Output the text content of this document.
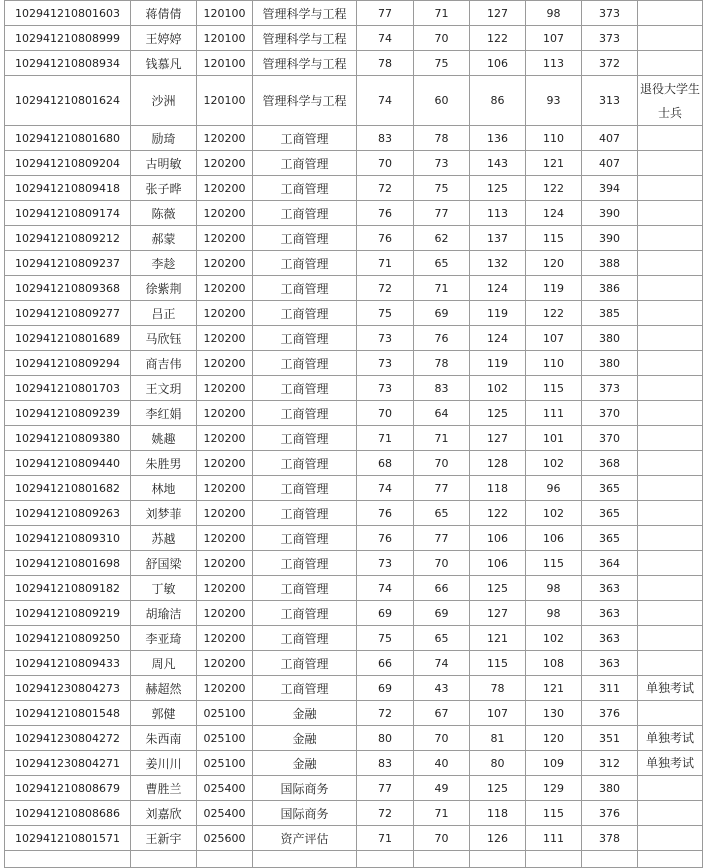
102941210801603	蒋倩倩	120100	管理科学与工程	77	71	127	98	373	
102941210808999	王婷婷	120100	管理科学与工程	74	70	122	107	373	
102941210808934	钱慕凡	120100	管理科学与工程	78	75	106	113	372	
102941210801624	沙洲	120100	管理科学与工程	74	60	86	93	313	退役大学生士兵
102941210801680	励琦	120200	工商管理	83	78	136	110	407	
102941210809204	古明敏	120200	工商管理	70	73	143	121	407	
102941210809418	张子晔	120200	工商管理	72	75	125	122	394	
102941210809174	陈薇	120200	工商管理	76	77	113	124	390	
102941210809212	郝蒙	120200	工商管理	76	62	137	115	390	
102941210809237	李趁	120200	工商管理	71	65	132	120	388	
102941210809368	徐紫荆	120200	工商管理	72	71	124	119	386	
102941210809277	吕正	120200	工商管理	75	69	119	122	385	
102941210801689	马欣钰	120200	工商管理	73	76	124	107	380	
102941210809294	商吉伟	120200	工商管理	73	78	119	110	380	
102941210801703	王文玥	120200	工商管理	73	83	102	115	373	
102941210809239	李红娟	120200	工商管理	70	64	125	111	370	
102941210809380	姚趣	120200	工商管理	71	71	127	101	370	
102941210809440	朱胜男	120200	工商管理	68	70	128	102	368	
102941210801682	林地	120200	工商管理	74	77	118	96	365	
102941210809263	刘梦菲	120200	工商管理	76	65	122	102	365	
102941210809310	苏越	120200	工商管理	76	77	106	106	365	
102941210801698	舒国梁	120200	工商管理	73	70	106	115	364	
102941210809182	丁敏	120200	工商管理	74	66	125	98	363	
102941210809219	胡瑜洁	120200	工商管理	69	69	127	98	363	
102941210809250	李亚琦	120200	工商管理	75	65	121	102	363	
102941210809433	周凡	120200	工商管理	66	74	115	108	363	
102941230804273	赫超然	120200	工商管理	69	43	78	121	311	单独考试
102941210801548	郭健	025100	金融	72	67	107	130	376	
102941230804272	朱西南	025100	金融	80	70	81	120	351	单独考试
102941230804271	姜川川	025100	金融	83	40	80	109	312	单独考试
102941210808679	曹胜兰	025400	国际商务	77	49	125	129	380	
102941210808686	刘嘉欣	025400	国际商务	72	71	118	115	376	
102941210801571	王新宇	025600	资产评估	71	70	126	111	378	
